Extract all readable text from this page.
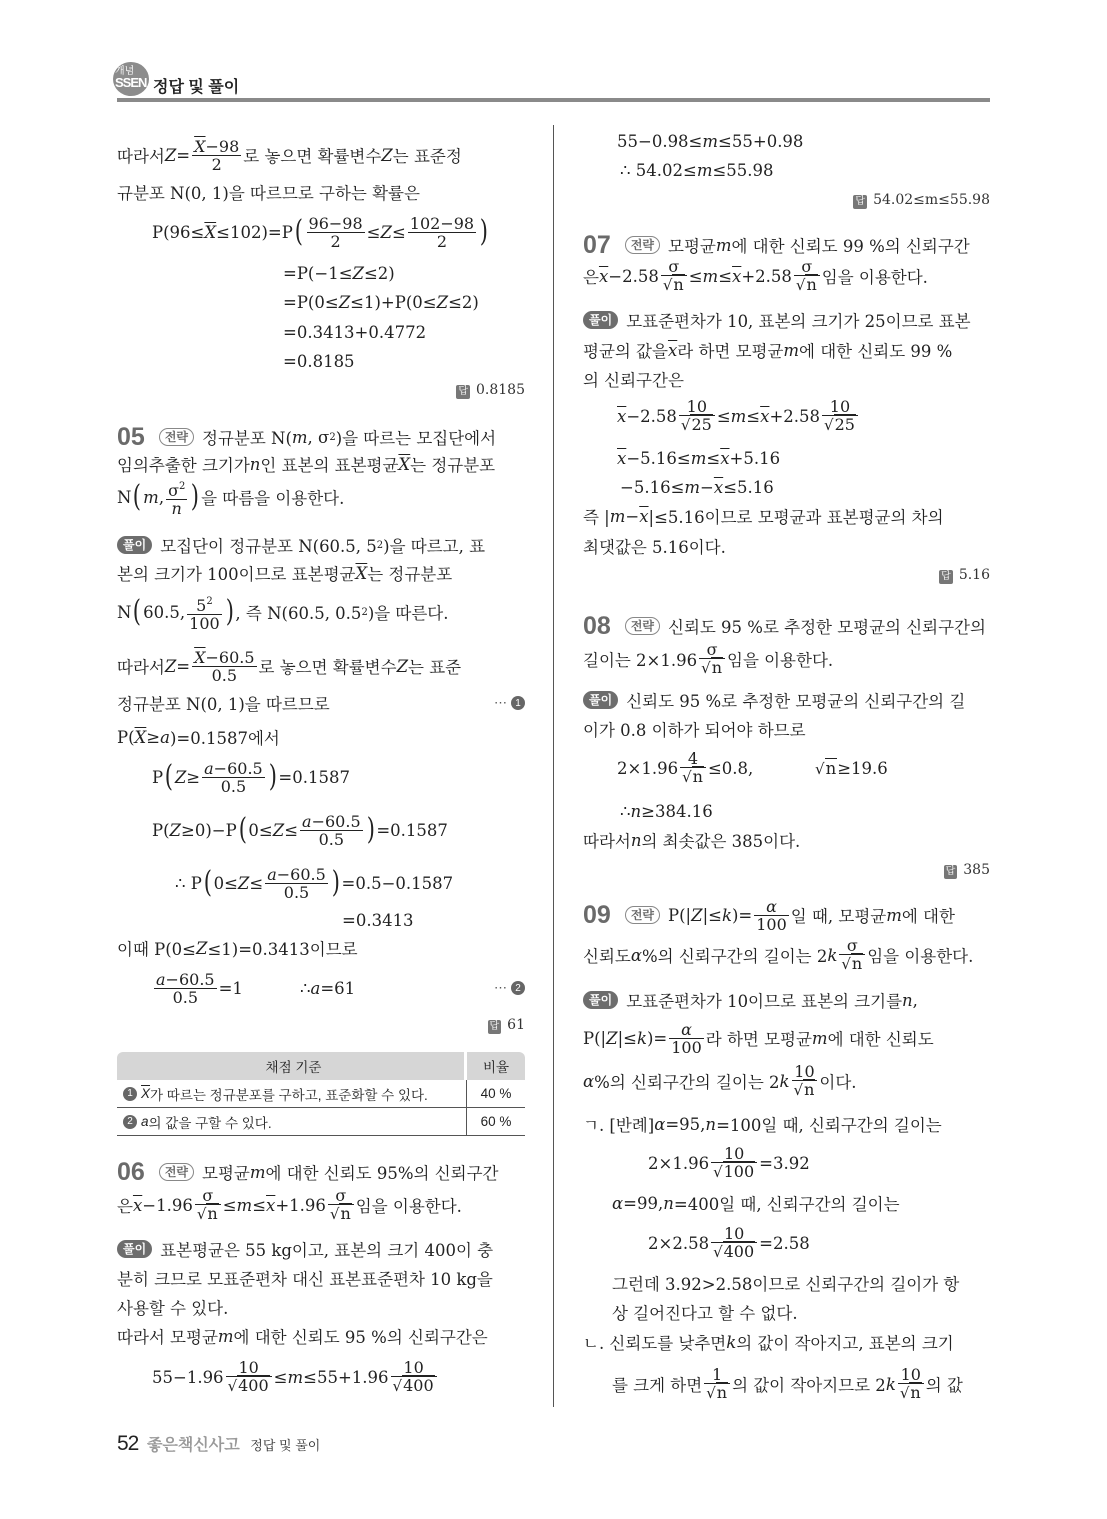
개념
SSEN 정답 및 풀이
따라서 $Z = \frac{\overline{X}-98}{2}$ 로 놓으면 확률변수 Z 는 표준정
규분포 N(0, 1)을 따르므로 구하는 확률은
$P(96\le \overline{X} \le 102)=P$ ( $\frac{96-98}{2} \le Z \le \frac{102-98}{2}$ )
=P(−1≤ Z ≤2)
=P(0≤ Z ≤1)+P(0≤ Z ≤2)
=0.3413+0.4772
=0.8185
답 0.8185
05	전략 정규분포 N( m , σ 2 )을 따르는 모집단에서
임의추출한 크기가 n 인 표본의 표본평균 $\overline{X}$ 는 정규분포
N ( m , $\frac{\sigma^2}{n}$ ) 을 따름을 이용한다.
풀이 모집단이 정규분포 N(60.5, 5 2 )을 따르고, 표
본의 크기가 100이므로 표본평균 $\overline{X}$ 는 정규분포
N ( 60.5, $\frac{5^2}{100}$ ) , 즉 N(60.5, 0.5 2 )을 따른다.
따라서 $Z = \frac{\overline{X}-60.5}{0.5}$ 로 놓으면 확률변수 Z 는 표준
정규분포 N(0, 1)을 따르므로	⋯ 1
P( $\overline{X} \ge a$ )=0.1587에서
P ( $Z \ge \frac{a-60.5}{0.5}$ ) =0.1587
P( Z ≥0)−P ( $0\le Z \le \frac{a-60.5}{0.5}$ ) =0.1587
∴ P ( $0\le Z \le \frac{a-60.5}{0.5}$ ) =0.5−0.1587
=0.3413
이때 P(0≤ Z ≤1)=0.3413이므로
$\frac{a-60.5}{0.5} =1$	∴ a =61	⋯ 2
답 61
06	전략 모평균 m 에 대한 신뢰도 95%의 신뢰구간
은 $\overline{x} -1.96 \frac{\sigma}{√n} \le m \le \overline{x} +1.96 \frac{\sigma}{√n}$ 임을 이용한다.
풀이 표본평균은 55 kg이고, 표본의 크기 400이 충
분히 크므로 모표준편차 대신 표본표준편차 10 kg을
사용할 수 있다.
따라서 모평균 m 에 대한 신뢰도 95 %의 신뢰구간은
$55-1.96 \frac{10}{√400} \le m \le 55+1.96 \frac{10}{√400}$
55−0.98≤ m ≤55+0.98
∴ 54.02≤ m ≤55.98
답 54.02≤m≤55.98
07	전략 모평균 m 에 대한 신뢰도 99 %의 신뢰구간
은 $\overline{x} -2.58 \frac{\sigma}{√n} \le m \le \overline{x} +2.58 \frac{\sigma}{√n}$ 임을 이용한다.
풀이 모표준편차가 10, 표본의 크기가 25이므로 표본
평균의 값을 $\overline{x}$ 라 하면 모평균 m 에 대한 신뢰도 99 %
의 신뢰구간은
$\overline{x} -2.58 \frac{10}{√25} \le m \le \overline{x} +2.58 \frac{10}{√25}$
$\overline{x} -5.16\le m \le \overline{x} +5.16$
$-5.16\le m - \overline{x} \le 5.16$
즉 | $m - \overline{x}$ |≤5.16이므로 모평균과 표본평균의 차의
최댓값은 5.16이다.
답 5.16
08	전략 신뢰도 95 %로 추정한 모평균의 신뢰구간의
길이는 $2\times 1.96 \frac{\sigma}{√n}$ 임을 이용한다.
풀이 신뢰도 95 %로 추정한 모평균의 신뢰구간의 길
이가 0.8 이하가 되어야 하므로
$2\times 1.96 \frac{4}{√n} \le 0.8$,	√n ≥19.6
∴ n ≥384.16
따라서 n 의 최솟값은 385이다.
답 385
09	전략 P(| Z |≤ k )= $\frac{\alpha}{100}$ 일 때, 모평균 m 에 대한
신뢰도 α %의 신뢰구간의 길이는 2 k $\frac{\sigma}{√n}$ 임을 이용한다.
풀이 모표준편차가 10이므로 표본의 크기를 n ,
P(| Z |≤ k )= $\frac{\alpha}{100}$ 라 하면 모평균 m 에 대한 신뢰도
α %의 신뢰구간의 길이는 2 k $\frac{10}{√n}$ 이다.
ㄱ. [반례] α =95, n =100일 때, 신뢰구간의 길이는
$2\times 1.96 \frac{10}{√100} =3.92$
α =99, n =400일 때, 신뢰구간의 길이는
$2\times 2.58 \frac{10}{√400} =2.58$
그런데 3.92>2.58이므로 신뢰구간의 길이가 항
상 길어진다고 할 수 없다.
ㄴ. 신뢰도를 낮추면 k 의 값이 작아지고, 표본의 크기
를 크게 하면 $\frac{1}{√n}$ 의 값이 작아지므로 2 k $\frac{10}{√n}$ 의 값
채점 기준	비율
1 $\overline{X}$ 가 따르는 정규분포를 구하고, 표준화할 수 있다.	40 %
2 a 의 값을 구할 수 있다.	60 %
52 좋은책신사고 정답 및 풀이
